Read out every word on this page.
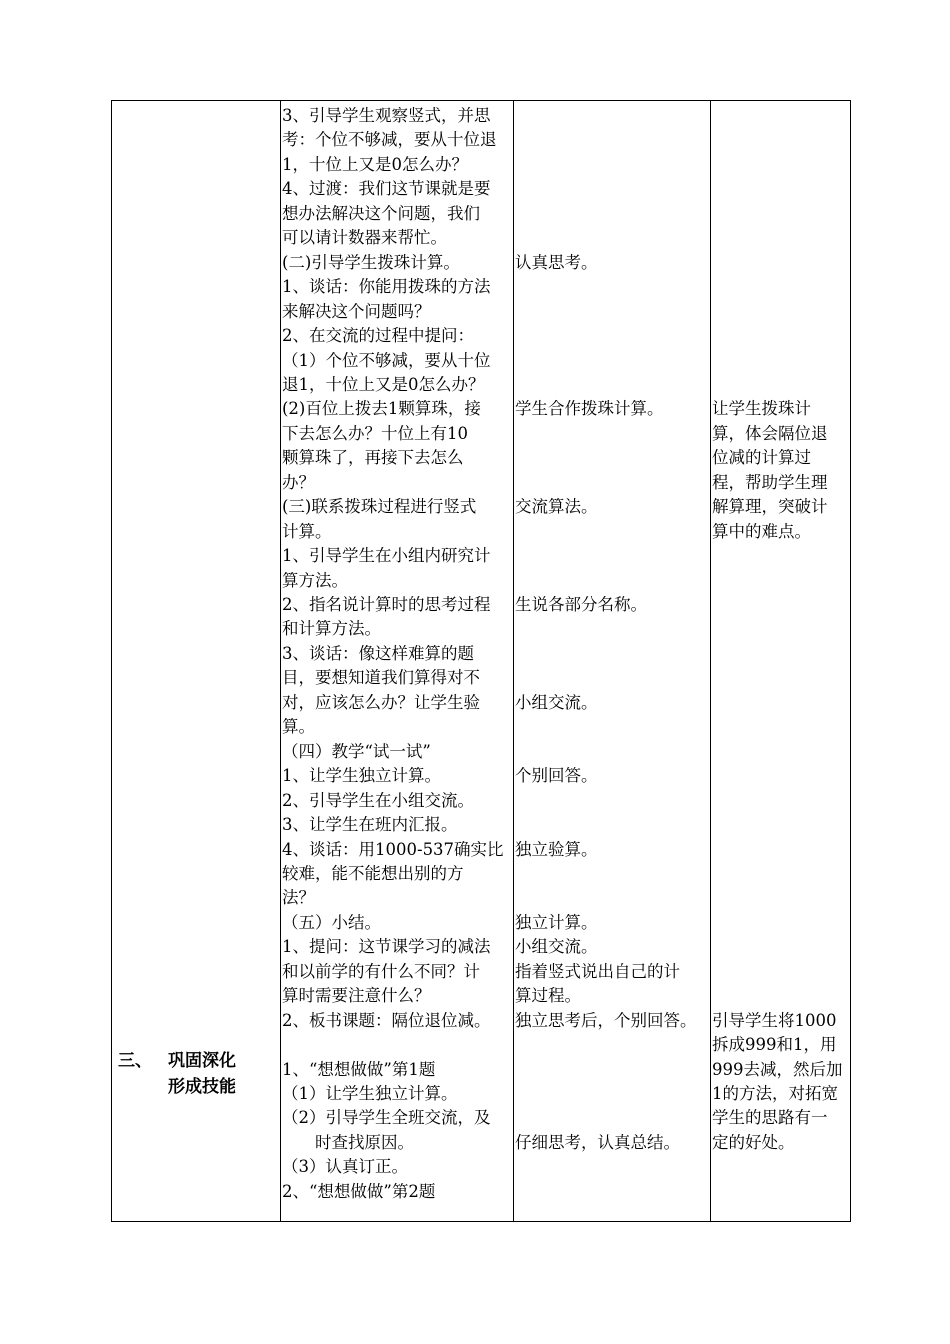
三、 巩固深化
形成技能
3、引导学生观察竖式，并思
考：个位不够减，要从十位退
1，十位上又是0怎么办？
4、过渡：我们这节课就是要
想办法解决这个问题，我们
可以请计数器来帮忙。
(二)引导学生拨珠计算。
1、谈话：你能用拨珠的方法
来解决这个问题吗？
2、在交流的过程中提问：
（1）个位不够减，要从十位
退1，十位上又是0怎么办？
(2)百位上拨去1颗算珠，接
下去怎么办？十位上有10
颗算珠了，再接下去怎么
办？
(三)联系拨珠过程进行竖式
计算。
1、引导学生在小组内研究计
算方法。
2、指名说计算时的思考过程
和计算方法。
3、谈话：像这样难算的题
目，要想知道我们算得对不
对，应该怎么办？让学生验
算。
（四）教学“试一试”
1、让学生独立计算。
2、引导学生在小组交流。
3、让学生在班内汇报。
4、谈话：用1000-537确实比
较难，能不能想出别的方
法？
（五）小结。
1、提问：这节课学习的减法
和以前学的有什么不同？计
算时需要注意什么？
2、板书课题：隔位退位减。
1、“想想做做”第1题
（1）让学生独立计算。
（2）引导学生全班交流，及
　　时查找原因。
（3）认真订正。
2、“想想做做”第2题
认真思考。
学生合作拨珠计算。
交流算法。
生说各部分名称。
小组交流。
个别回答。
独立验算。
独立计算。
小组交流。
指着竖式说出自己的计
算过程。
独立思考后，个别回答。
仔细思考，认真总结。
让学生拨珠计
算，体会隔位退
位减的计算过
程，帮助学生理
解算理，突破计
算中的难点。
引导学生将1000
拆成999和1，用
999去减，然后加
1的方法，对拓宽
学生的思路有一
定的好处。
